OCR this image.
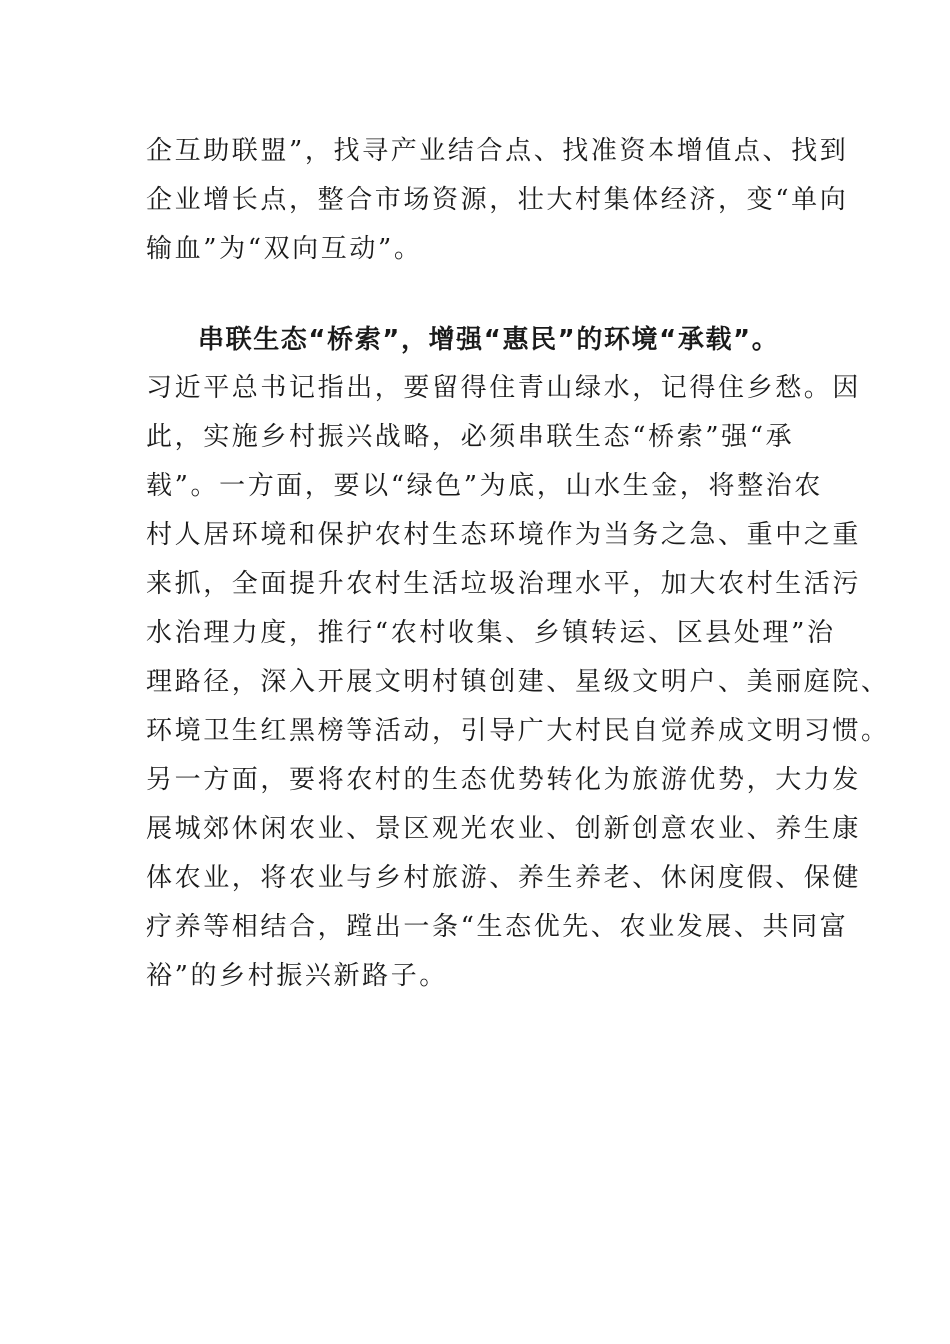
企互助联盟”，找寻产业结合点、找准资本增值点、找到
企业增长点，整合市场资源，壮大村集体经济，变“单向
输血”为“双向互动”。
串联生态“桥索”，增强“惠民”的环境“承载”。
习近平总书记指出，要留得住青山绿水，记得住乡愁。因
此，实施乡村振兴战略，必须串联生态“桥索”强“承
载”。一方面，要以“绿色”为底，山水生金，将整治农
村人居环境和保护农村生态环境作为当务之急、重中之重
来抓，全面提升农村生活垃圾治理水平，加大农村生活污
水治理力度，推行“农村收集、乡镇转运、区县处理”治
理路径，深入开展文明村镇创建、星级文明户、美丽庭院、
环境卫生红黑榜等活动，引导广大村民自觉养成文明习惯。
另一方面，要将农村的生态优势转化为旅游优势，大力发
展城郊休闲农业、景区观光农业、创新创意农业、养生康
体农业，将农业与乡村旅游、养生养老、休闲度假、保健
疗养等相结合，蹚出一条“生态优先、农业发展、共同富
裕”的乡村振兴新路子。
